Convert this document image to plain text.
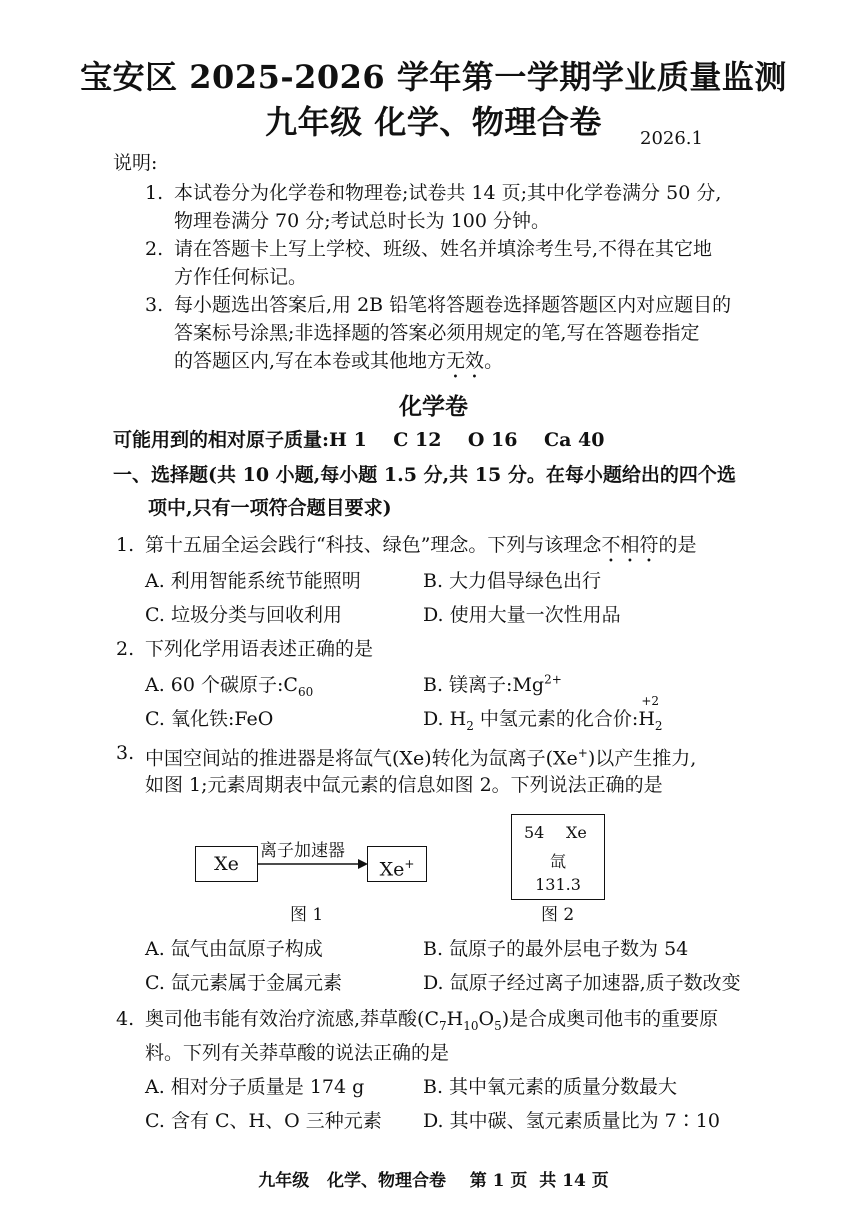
宝安区 2025-2026 学年第一学期学业质量监测
九年级 化学、物理合卷	2026.1
说明:
1. 本试卷分为化学卷和物理卷;试卷共 14 页;其中化学卷满分 50 分,
物理卷满分 70 分;考试总时长为 100 分钟。
2. 请在答题卡上写上学校、班级、姓名并填涂考生号,不得在其它地
方作任何标记。
3. 每小题选出答案后,用 2B 铅笔将答题卷选择题答题区内对应题目的
答案标号涂黑;非选择题的答案必须用规定的笔,写在答题卷指定
的答题区内,写在本卷或其他地方无效。
化学卷
可能用到的相对原子质量:H 1    C 12    O 16    Ca 40
一、选择题(共 10 小题,每小题 1.5 分,共 15 分。在每小题给出的四个选
项中,只有一项符合题目要求)
1. 第十五届全运会践行“科技、绿色”理念。下列与该理念不相符的是
A. 利用智能系统节能照明	B. 大力倡导绿色出行
C. 垃圾分类与回收利用	D. 使用大量一次性用品
2. 下列化学用语表述正确的是
A. 60 个碳原子$:C_{60}$	B. 镁离子$:Mg^{2+}$
C. 氧化铁:FeO	D. $H_2$ 中氢元素的化合价:
+2
$H_2$
3. 中国空间站的推进器是将氙气(Xe)转化为氙离子(Xe+)以产生推力,
如图 1;元素周期表中氙元素的信息如图 2。下列说法正确的是
Xe
离子加速器
Xe+
图 1
54 Xe
氙
131.3
图 2
A. 氙气由氙原子构成	B. 氙原子的最外层电子数为 54
C. 氙元素属于金属元素	D. 氙原子经过离子加速器,质子数改变
4. 奥司他韦能有效治疗流感,莽草酸$(C_7H_{10}O_5)$是合成奥司他韦的重要原
料。下列有关莽草酸的说法正确的是
A. 相对分子质量是 174 g	B. 其中氧元素的质量分数最大
C. 含有 C、H、O 三种元素 D. 其中碳、氢元素质量比为 7∶10
九年级   化学、物理合卷    第 1 页  共 14 页
